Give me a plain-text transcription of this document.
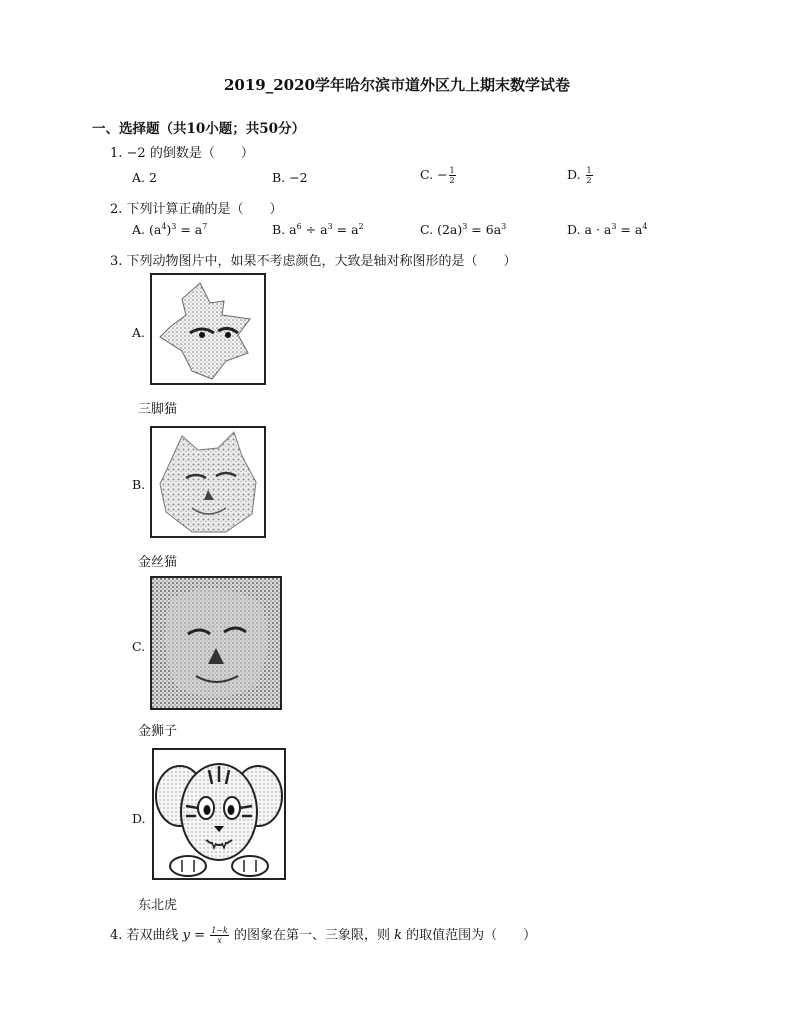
2019_2020学年哈尔滨市道外区九上期末数学试卷
一、选择题（共10小题；共50分）
1. −2 的倒数是（　　）
A. 2	B. −2	C. − $\frac{1}{2}$	D. $\frac{1}{2}$
2. 下列计算正确的是（　　）
A. $(a^4)^3 = a^7$	B. $a^6 \div a^3 = a^2$	C. $(2a)^3 = 6a^3$	D. $a \cdot a^3 = a^4$
3. 下列动物图片中，如果不考虑颜色，大致是轴对称图形的是（　　）
A.
三脚猫
B.
金丝猫
C.
金狮子
D.
东北虎
4. 若双曲线 $y = \frac{1-k}{x}$ 的图象在第一、三象限，则 k 的取值范围为（　　）
